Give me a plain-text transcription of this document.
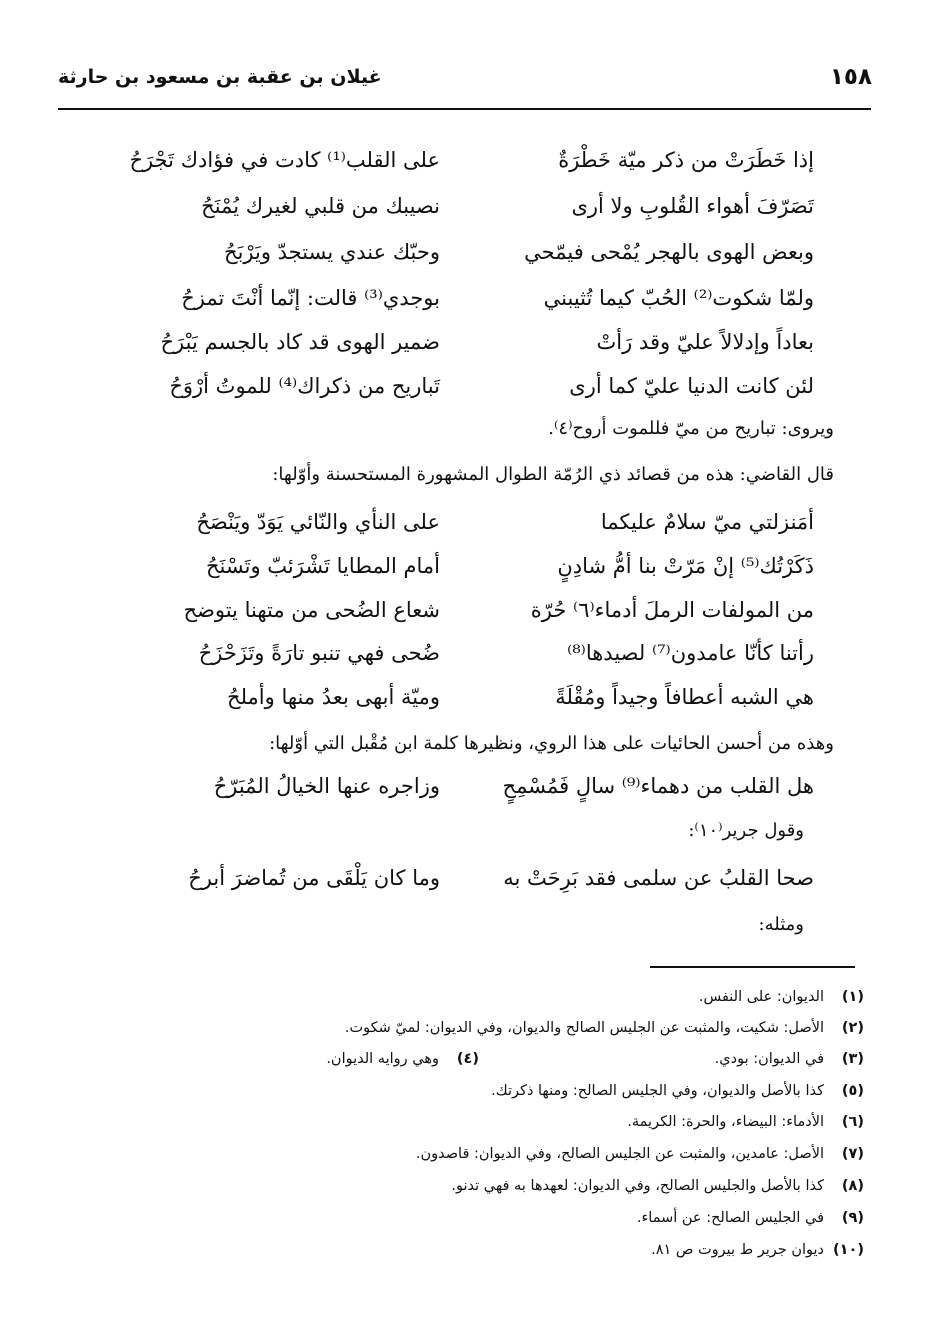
١٥٨
غيلان بن عقبة بن مسعود بن حارثة
إذا خَطَرَتْ من ذكر ميّة خَطْرَةٌ
على القلب⁽¹⁾ كادت في فؤادك تَجْرَحُ
تَصَرّفَ أهواء القُلوبِ ولا أرى
نصيبك من قلبي لغيرك يُمْنَحُ
وبعض الهوى بالهجر يُمْحى فيمّحي
وحبّك عندي يستجدّ ويَرْبَحُ
ولمّا شكوت⁽²⁾ الحُبّ كيما تُثيبني
بوجدي⁽³⁾ قالت: إنّما أنْتَ تمزحُ
بعاداً وإدلالاً عليّ وقد رَأتْ
ضمير الهوى قد كاد بالجسم يَبْرَحُ
لئن كانت الدنيا عليّ كما أرى
تَباريح من ذكراك⁽⁴⁾ للموتُ أرْوَحُ
ويروى: تباريح من ميّ فللموت أروح⁽٤⁾.
قال القاضي: هذه من قصائد ذي الرُمّة الطوال المشهورة المستحسنة وأوّلها:
أمَنزلتي ميّ سلامٌ عليكما
على النأي والنّائي يَوَدّ ويَنْصَحُ
ذَكَرْتُك⁽⁵⁾ إنْ مَرّتْ بنا أمُّ شادِنٍ
أمام المطايا تَشْرَئبّ وتَسْنَحُ
من المولفات الرملَ أدماء⁽٦⁾ حُرّة
شعاع الضُحى من متهنا يتوضح
رأتنا كأنّا عامدون⁽⁷⁾ لصيدها⁽⁸⁾
ضُحى فهي تنبو تارَةً وتَزَحْزَحُ
هي الشبه أعطافاً وجيداً ومُقْلَةً
وميّة أبهى بعدُ منها وأملحُ
وهذه من أحسن الحائيات على هذا الروي، ونظيرها كلمة ابن مُقْبل التي أوّلها:
هل القلب من دهماء⁽⁹⁾ سالٍ فَمُسْمِحٍ
وزاجره عنها الخيالُ المُبَرّحُ
وقول جرير⁽١٠⁾:
صحا القلبُ عن سلمى فقد بَرِحَتْ به
وما كان يَلْقَى من تُماضرَ أبرحُ
ومثله:
(١)الديوان: على النفس.
(٢)الأصل: شكيت، والمثبت عن الجليس الصالح والديوان، وفي الديوان: لميّ شكوت.
(٣)في الديوان: بودي.
(٤)وهي روايه الديوان.
(٥)كذا بالأصل والديوان، وفي الجليس الصالح: ومنها ذكرتك.
(٦)الأدماء: البيضاء، والحرة: الكريمة.
(٧)الأصل: عامدين، والمثبت عن الجليس الصالح، وفي الديوان: قاصدون.
(٨)كذا بالأصل والجليس الصالح، وفي الديوان: لعهدها به فهي تدنو.
(٩)في الجليس الصالح: عن أسماء.
(١٠)ديوان جرير ط بيروت ص ٨١.
